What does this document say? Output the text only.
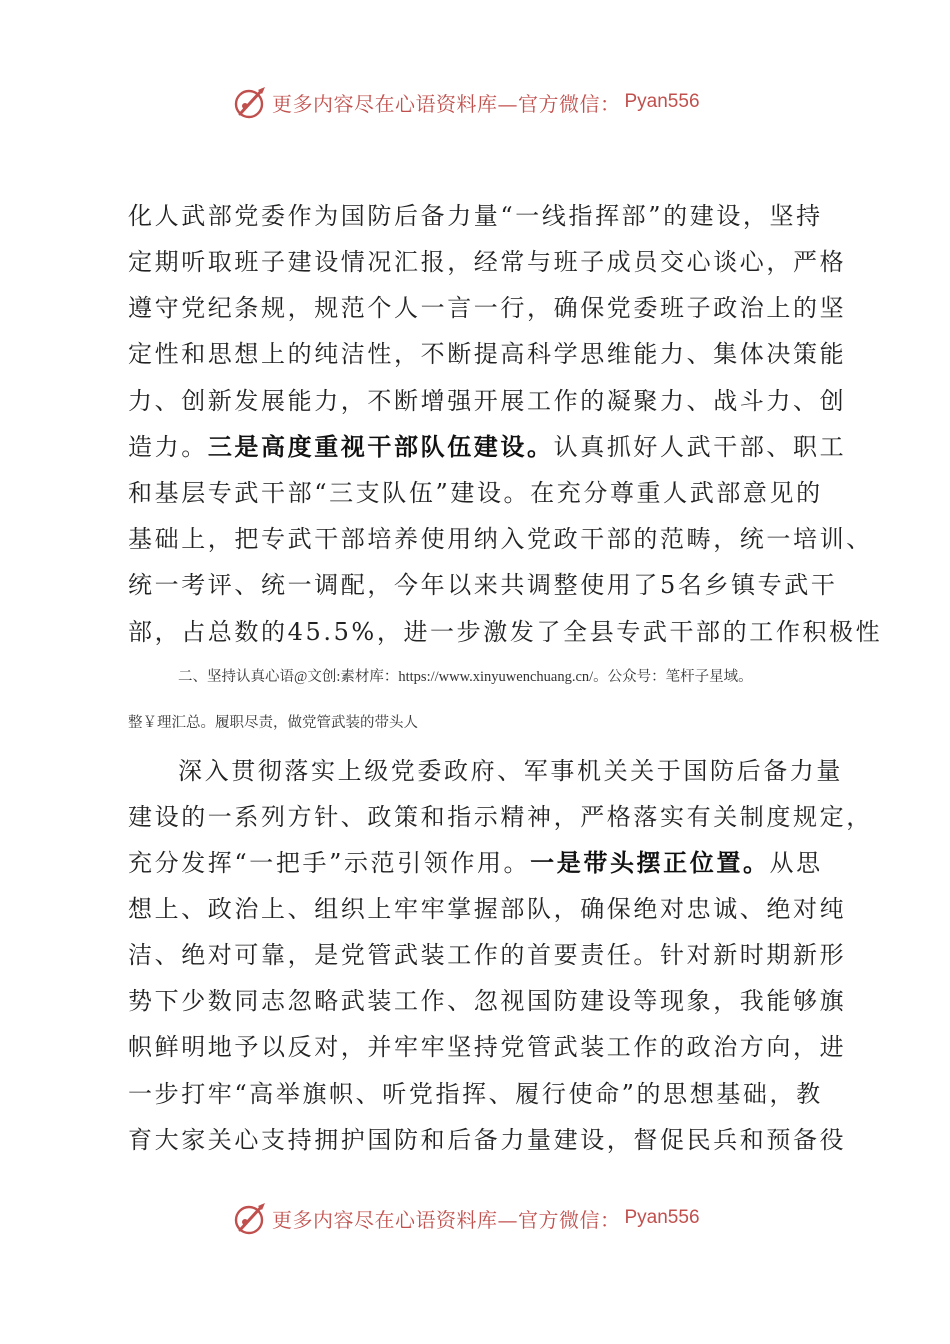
更多内容尽在心语资料库—官方微信： Pyan556
化人武部党委作为国防后备力量“一线指挥部”的建设，坚持
定期听取班子建设情况汇报，经常与班子成员交心谈心，严格
遵守党纪条规，规范个人一言一行，确保党委班子政治上的坚
定性和思想上的纯洁性，不断提高科学思维能力、集体决策能
力、创新发展能力，不断增强开展工作的凝聚力、战斗力、创
造力。三是高度重视干部队伍建设。认真抓好人武干部、职工
和基层专武干部“三支队伍”建设。在充分尊重人武部意见的
基础上，把专武干部培养使用纳入党政干部的范畴，统一培训、
统一考评、统一调配，今年以来共调整使用了5名乡镇专武干
部，占总数的45.5%，进一步激发了全县专武干部的工作积极性
二、坚持认真心语@文创:素材库：https://www.xinyuwenchuang.cn/。公众号：笔杆子星域。
整￥理汇总。履职尽责，做党管武装的带头人
深入贯彻落实上级党委政府、军事机关关于国防后备力量
建设的一系列方针、政策和指示精神，严格落实有关制度规定，
充分发挥“一把手”示范引领作用。一是带头摆正位置。从思
想上、政治上、组织上牢牢掌握部队，确保绝对忠诚、绝对纯
洁、绝对可靠，是党管武装工作的首要责任。针对新时期新形
势下少数同志忽略武装工作、忽视国防建设等现象，我能够旗
帜鲜明地予以反对，并牢牢坚持党管武装工作的政治方向，进
一步打牢“高举旗帜、听党指挥、履行使命”的思想基础，教
育大家关心支持拥护国防和后备力量建设，督促民兵和预备役
更多内容尽在心语资料库—官方微信： Pyan556
